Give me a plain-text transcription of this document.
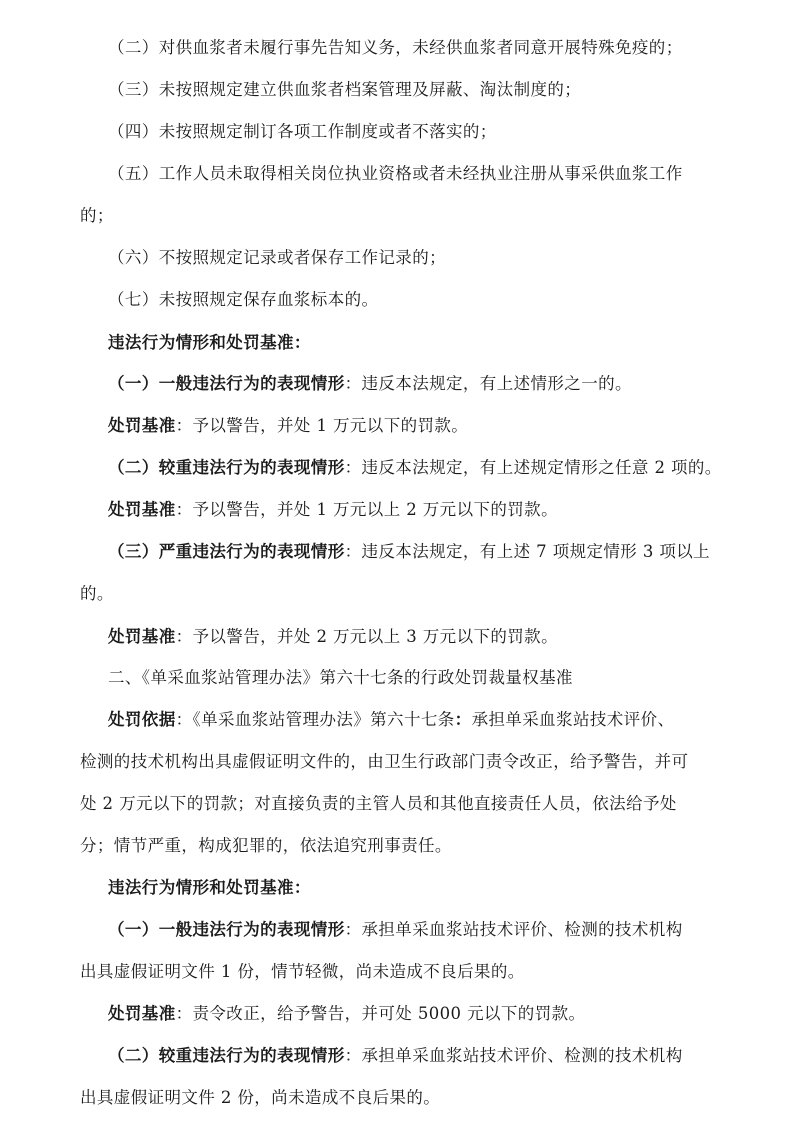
（二）对供血浆者未履行事先告知义务，未经供血浆者同意开展特殊免疫的；
（三）未按照规定建立供血浆者档案管理及屏蔽、淘汰制度的；
（四）未按照规定制订各项工作制度或者不落实的；
（五）工作人员未取得相关岗位执业资格或者未经执业注册从事采供血浆工作
的；
（六）不按照规定记录或者保存工作记录的；
（七）未按照规定保存血浆标本的。
违法行为情形和处罚基准：
（一）一般违法行为的表现情形：违反本法规定，有上述情形之一的。
处罚基准：予以警告，并处 1 万元以下的罚款。
（二）较重违法行为的表现情形：违反本法规定，有上述规定情形之任意 2 项的。
处罚基准：予以警告，并处 1 万元以上 2 万元以下的罚款。
（三）严重违法行为的表现情形：违反本法规定，有上述 7 项规定情形 3 项以上
的。
处罚基准：予以警告，并处 2 万元以上 3 万元以下的罚款。
二、《单采血浆站管理办法》第六十七条的行政处罚裁量权基准
处罚依据：《单采血浆站管理办法》第六十七条：承担单采血浆站技术评价、
检测的技术机构出具虚假证明文件的，由卫生行政部门责令改正，给予警告，并可
处 2 万元以下的罚款；对直接负责的主管人员和其他直接责任人员，依法给予处
分；情节严重，构成犯罪的，依法追究刑事责任。
违法行为情形和处罚基准：
（一）一般违法行为的表现情形：承担单采血浆站技术评价、检测的技术机构
出具虚假证明文件 1 份，情节轻微，尚未造成不良后果的。
处罚基准：责令改正，给予警告，并可处 5000 元以下的罚款。
（二）较重违法行为的表现情形：承担单采血浆站技术评价、检测的技术机构
出具虚假证明文件 2 份，尚未造成不良后果的。
